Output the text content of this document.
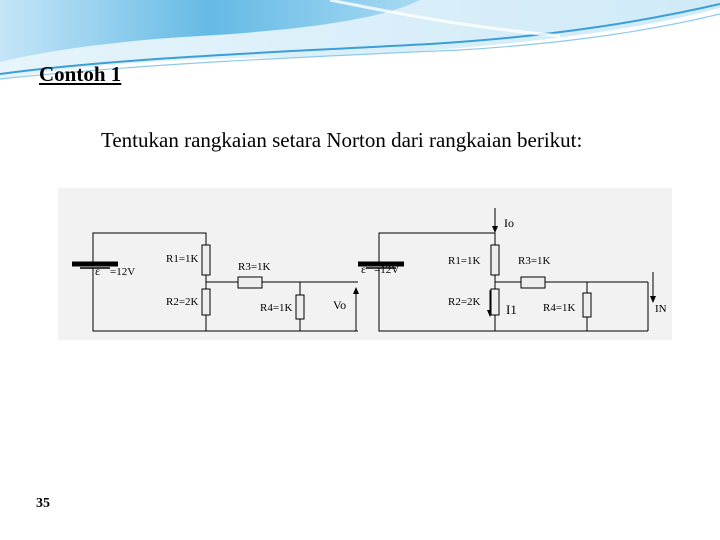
Contoh 1
Tentukan rangkaian setara Norton dari rangkaian berikut:
ε =12V
R1=1K
R2=2K
R3=1K
R4=1K	Vo
Io
ε =12V
R1=1K
R2=2K
R3=1K
R4=1K
I1	IN
35
